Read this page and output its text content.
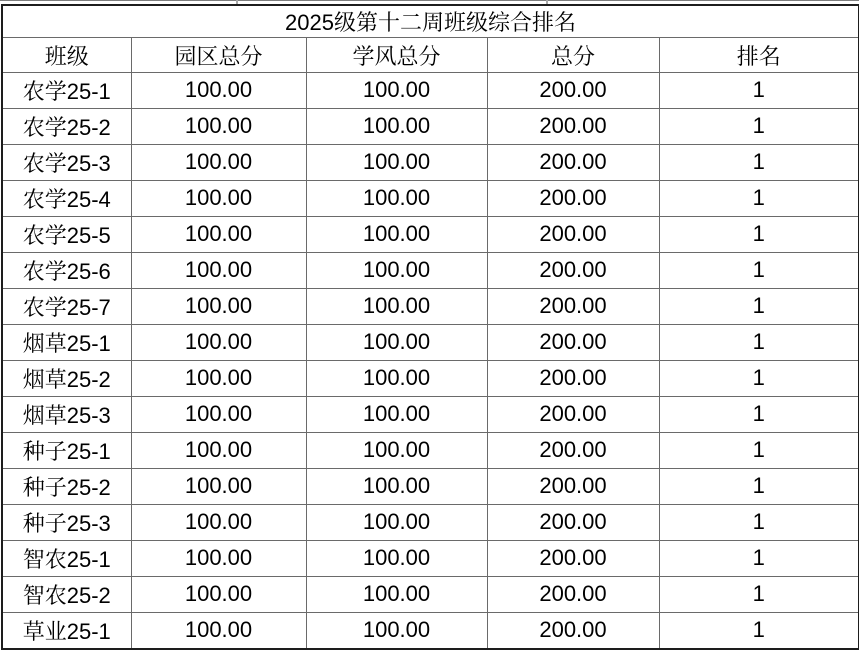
2025级第十二周班级综合排名				
班级	园区总分	学风总分	总分	排名
农学25-1	100.00	100.00	200.00	1
农学25-2	100.00	100.00	200.00	1
农学25-3	100.00	100.00	200.00	1
农学25-4	100.00	100.00	200.00	1
农学25-5	100.00	100.00	200.00	1
农学25-6	100.00	100.00	200.00	1
农学25-7	100.00	100.00	200.00	1
烟草25-1	100.00	100.00	200.00	1
烟草25-2	100.00	100.00	200.00	1
烟草25-3	100.00	100.00	200.00	1
种子25-1	100.00	100.00	200.00	1
种子25-2	100.00	100.00	200.00	1
种子25-3	100.00	100.00	200.00	1
智农25-1	100.00	100.00	200.00	1
智农25-2	100.00	100.00	200.00	1
草业25-1	100.00	100.00	200.00	1
